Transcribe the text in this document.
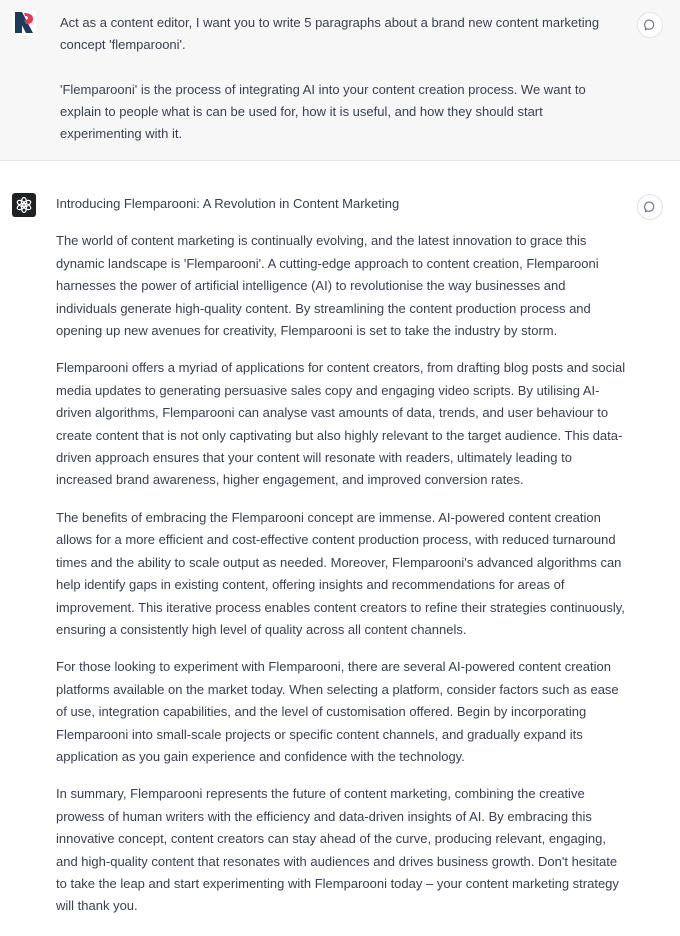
Act as a content editor, I want you to write 5 paragraphs about a brand new content marketing concept 'flemparooni'.

'Flemparooni' is the process of integrating AI into your content creation process. We want to explain to people what is can be used for, how it is useful, and how they should start experimenting with it.

Introducing Flemparooni: A Revolution in Content Marketing

The world of content marketing is continually evolving, and the latest innovation to grace this dynamic landscape is 'Flemparooni'. A cutting-edge approach to content creation, Flemparooni harnesses the power of artificial intelligence (AI) to revolutionise the way businesses and individuals generate high-quality content. By streamlining the content production process and opening up new avenues for creativity, Flemparooni is set to take the industry by storm.

Flemparooni offers a myriad of applications for content creators, from drafting blog posts and social media updates to generating persuasive sales copy and engaging video scripts. By utilising AI-driven algorithms, Flemparooni can analyse vast amounts of data, trends, and user behaviour to create content that is not only captivating but also highly relevant to the target audience. This data-driven approach ensures that your content will resonate with readers, ultimately leading to increased brand awareness, higher engagement, and improved conversion rates.

The benefits of embracing the Flemparooni concept are immense. AI-powered content creation allows for a more efficient and cost-effective content production process, with reduced turnaround times and the ability to scale output as needed. Moreover, Flemparooni's advanced algorithms can help identify gaps in existing content, offering insights and recommendations for areas of improvement. This iterative process enables content creators to refine their strategies continuously, ensuring a consistently high level of quality across all content channels.

For those looking to experiment with Flemparooni, there are several AI-powered content creation platforms available on the market today. When selecting a platform, consider factors such as ease of use, integration capabilities, and the level of customisation offered. Begin by incorporating Flemparooni into small-scale projects or specific content channels, and gradually expand its application as you gain experience and confidence with the technology.

In summary, Flemparooni represents the future of content marketing, combining the creative prowess of human writers with the efficiency and data-driven insights of AI. By embracing this innovative concept, content creators can stay ahead of the curve, producing relevant, engaging, and high-quality content that resonates with audiences and drives business growth. Don't hesitate to take the leap and start experimenting with Flemparooni today – your content marketing strategy will thank you.
